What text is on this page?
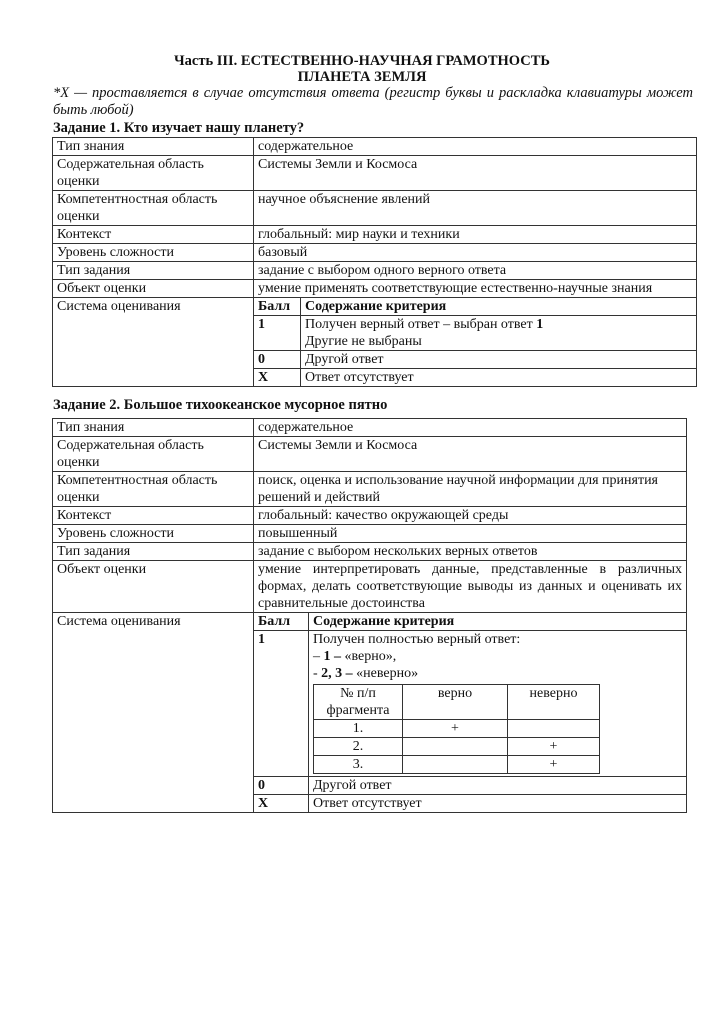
Часть III. ЕСТЕСТВЕННО-НАУЧНАЯ ГРАМОТНОСТЬ
ПЛАНЕТА ЗЕМЛЯ
*X — проставляется в случае отсутствия ответа (регистр буквы и раскладка клавиатуры может быть любой)
Задание 1. Кто изучает нашу планету?
Тип знания	содержательное
Содержательная область оценки	Системы Земли и Космоса
Компетентностная область оценки	научное объяснение явлений
Контекст	глобальный: мир науки и техники
Уровень сложности	базовый
Тип задания	задание с выбором одного верного ответа
Объект оценки	умение применять соответствующие естественно-научные знания
Система оценивания		Балл	Содержание критерия
1	Получен верный ответ – выбран ответ 1
Другие не выбраны
0	Другой ответ
X	Ответ отсутствует
Задание 2. Большое тихоокеанское мусорное пятно
Тип знания	содержательное
Содержательная область оценки	Системы Земли и Космоса
Компетентностная область оценки	поиск, оценка и использование научной информации для принятия решений и действий
Контекст	глобальный: качество окружающей среды
Уровень сложности	повышенный
Тип задания	задание с выбором нескольких верных ответов
Объект оценки	умение интерпретировать данные, представленные в различных формах, делать соответствующие выводы из данных и оценивать их сравнительные достоинства
Система оценивания		Балл	Содержание критерия
1	Получен полностью верный ответ:
– 1 – «верно»,
- 2, 3 – «неверно»
№ п/п фрагмента	верно	неверно
1.	+	
2.		+
3.		+

0	Другой ответ
X	Ответ отсутствует
